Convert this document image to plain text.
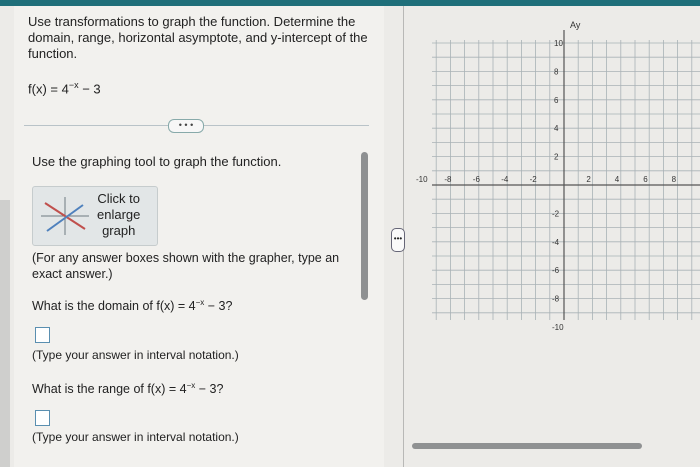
Use transformations to graph the function. Determine the domain, range, horizontal asymptote, and y-intercept of the function.
$f(x) = 4^{-x} - 3$
• • •
Use the graphing tool to graph the function.
Click to
enlarge
graph
(For any answer boxes shown with the grapher, type an exact answer.)
What is the domain of $f(x) = 4^{-x} - 3$?
(Type your answer in interval notation.)
What is the range of $f(x) = 4^{-x} - 3$?
(Type your answer in interval notation.)
•••
Ay
-10 -8	-6	-4	-2	2	4	6	8
10
8
6
4
2
-2
-4
-6
-8
-10
